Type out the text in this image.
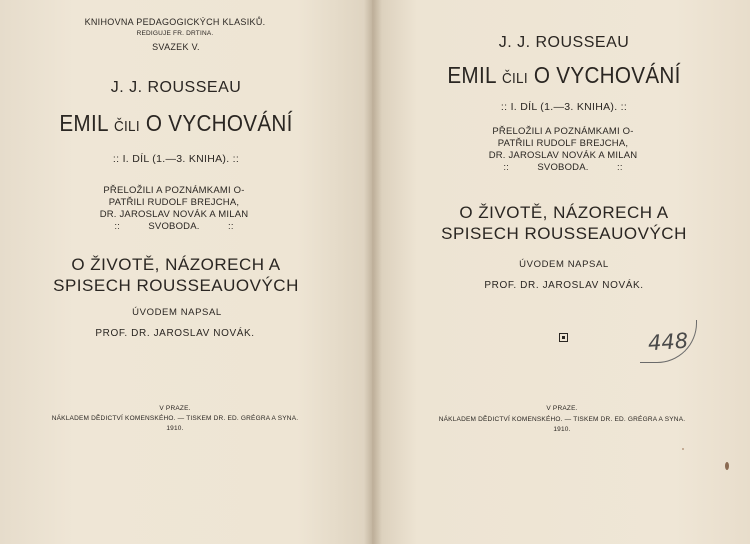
KNIHOVNA PEDAGOGICKÝCH KLASIKŮ.
REDIGUJE FR. DRTINA.
SVAZEK V.
J. J. ROUSSEAU
EMIL ČILI O VYCHOVÁNÍ
:: I. DÍL (1.—3. KNIHA). ::
PŘELOŽILI A POZNÁMKAMI O-
PATŘILI RUDOLF BREJCHA,
DR. JAROSLAV NOVÁK A MILAN
::          SVOBODA.          ::
O ŽIVOTĚ, NÁZORECH A
SPISECH ROUSSEAUOVÝCH
ÚVODEM NAPSAL
PROF. DR. JAROSLAV NOVÁK.
V PRAZE.
NÁKLADEM DĚDICTVÍ KOMENSKÉHO. — TISKEM DR. ED. GRÉGRA A SYNA.
1910.
J. J. ROUSSEAU
EMIL ČILI O VYCHOVÁNÍ
:: I. DÍL (1.—3. KNIHA). ::
PŘELOŽILI A POZNÁMKAMI O-
PATŘILI RUDOLF BREJCHA,
DR. JAROSLAV NOVÁK A MILAN
::          SVOBODA.          ::
O ŽIVOTĚ, NÁZORECH A
SPISECH ROUSSEAUOVÝCH
ÚVODEM NAPSAL
PROF. DR. JAROSLAV NOVÁK.
448
V PRAZE.
NÁKLADEM DĚDICTVÍ KOMENSKÉHO. — TISKEM DR. ED. GRÉGRA A SYNA.
1910.
